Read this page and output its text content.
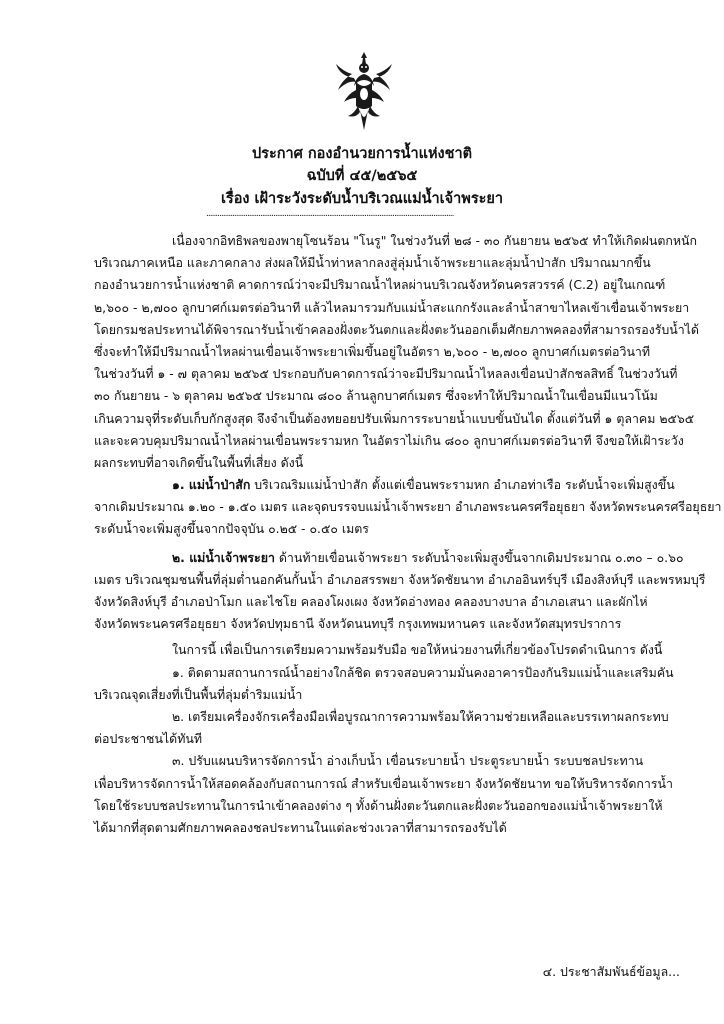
ประกาศ กองอำนวยการน้ำแห่งชาติ
ฉบับที่ ๔๕/๒๕๖๕
เรื่อง เฝ้าระวังระดับน้ำบริเวณแม่น้ำเจ้าพระยา
.....................................................................................................................................
เนื่องจากอิทธิพลของพายุโซนร้อน "โนรู" ในช่วงวันที่ ๒๘ - ๓๐ กันยายน ๒๕๖๕ ทำให้เกิดฝนตกหนัก
บริเวณภาคเหนือ และภาคกลาง ส่งผลให้มีน้ำท่าหลากลงสู่ลุ่มน้ำเจ้าพระยาและลุ่มน้ำป่าสัก ปริมาณมากขึ้น
กองอำนวยการน้ำแห่งชาติ คาดการณ์ว่าจะมีปริมาณน้ำไหลผ่านบริเวณจังหวัดนครสวรรค์ (C.2) อยู่ในเกณฑ์
๒,๖๐๐ - ๒,๗๐๐ ลูกบาศก์เมตรต่อวินาที แล้วไหลมารวมกับแม่น้ำสะแกกรังและลำน้ำสาขาไหลเข้าเขื่อนเจ้าพระยา
โดยกรมชลประทานได้พิจารณารับน้ำเข้าคลองฝั่งตะวันตกและฝั่งตะวันออกเต็มศักยภาพคลองที่สามารถรองรับน้ำได้
ซึ่งจะทำให้มีปริมาณน้ำไหลผ่านเขื่อนเจ้าพระยาเพิ่มขึ้นอยู่ในอัตรา ๒,๖๐๐ - ๒,๗๐๐ ลูกบาศก์เมตรต่อวินาที
ในช่วงวันที่ ๑ - ๗ ตุลาคม ๒๕๖๕ ประกอบกับคาดการณ์ว่าจะมีปริมาณน้ำไหลลงเขื่อนป่าสักชลสิทธิ์ ในช่วงวันที่
๓๐ กันยายน - ๖ ตุลาคม ๒๕๖๕ ประมาณ ๘๐๐ ล้านลูกบาศก์เมตร ซึ่งจะทำให้ปริมาณน้ำในเขื่อนมีแนวโน้ม
เกินความจุที่ระดับเก็บกักสูงสุด จึงจำเป็นต้องทยอยปรับเพิ่มการระบายน้ำแบบขั้นบันได ตั้งแต่วันที่ ๑ ตุลาคม ๒๕๖๕
และจะควบคุมปริมาณน้ำไหลผ่านเขื่อนพระรามหก ในอัตราไม่เกิน ๘๐๐ ลูกบาศก์เมตรต่อวินาที จึงขอให้เฝ้าระวัง
ผลกระทบที่อาจเกิดขึ้นในพื้นที่เสี่ยง ดังนี้
๑. แม่น้ำป่าสัก บริเวณริมแม่น้ำป่าสัก ตั้งแต่เขื่อนพระรามหก อำเภอท่าเรือ ระดับน้ำจะเพิ่มสูงขึ้น
จากเดิมประมาณ ๑.๒๐ - ๑.๕๐ เมตร และจุดบรรจบแม่น้ำเจ้าพระยา อำเภอพระนครศรีอยุธยา จังหวัดพระนครศรีอยุธยา
ระดับน้ำจะเพิ่มสูงขึ้นจากปัจจุบัน ๐.๒๕ - ๐.๕๐ เมตร
๒. แม่น้ำเจ้าพระยา ด้านท้ายเขื่อนเจ้าพระยา ระดับน้ำจะเพิ่มสูงขึ้นจากเดิมประมาณ ๐.๓๐ – ๐.๖๐
เมตร บริเวณชุมชนพื้นที่ลุ่มต่ำนอกคันกั้นน้ำ อำเภอสรรพยา จังหวัดชัยนาท อำเภออินทร์บุรี เมืองสิงห์บุรี และพรหมบุรี
จังหวัดสิงห์บุรี อำเภอป่าโมก และไชโย คลองโผงเผง จังหวัดอ่างทอง คลองบางบาล อำเภอเสนา และผักไห่
จังหวัดพระนครศรีอยุธยา จังหวัดปทุมธานี จังหวัดนนทบุรี กรุงเทพมหานคร และจังหวัดสมุทรปราการ
ในการนี้ เพื่อเป็นการเตรียมความพร้อมรับมือ ขอให้หน่วยงานที่เกี่ยวข้องโปรดดำเนินการ ดังนี้
๑. ติดตามสถานการณ์น้ำอย่างใกล้ชิด ตรวจสอบความมั่นคงอาคารป้องกันริมแม่น้ำและเสริมคัน
บริเวณจุดเสี่ยงที่เป็นพื้นที่ลุ่มต่ำริมแม่น้ำ
๒. เตรียมเครื่องจักรเครื่องมือเพื่อบูรณาการความพร้อมให้ความช่วยเหลือและบรรเทาผลกระทบ
ต่อประชาชนได้ทันที
๓. ปรับแผนบริหารจัดการน้ำ อ่างเก็บน้ำ เขื่อนระบายน้ำ ประตูระบายน้ำ ระบบชลประทาน
เพื่อบริหารจัดการน้ำให้สอดคล้องกับสถานการณ์ สำหรับเขื่อนเจ้าพระยา จังหวัดชัยนาท ขอให้บริหารจัดการน้ำ
โดยใช้ระบบชลประทานในการนำเข้าคลองต่าง ๆ ทั้งด้านฝั่งตะวันตกและฝั่งตะวันออกของแม่น้ำเจ้าพระยาให้
ได้มากที่สุดตามศักยภาพคลองชลประทานในแต่ละช่วงเวลาที่สามารถรองรับได้
๔. ประชาสัมพันธ์ข้อมูล...
